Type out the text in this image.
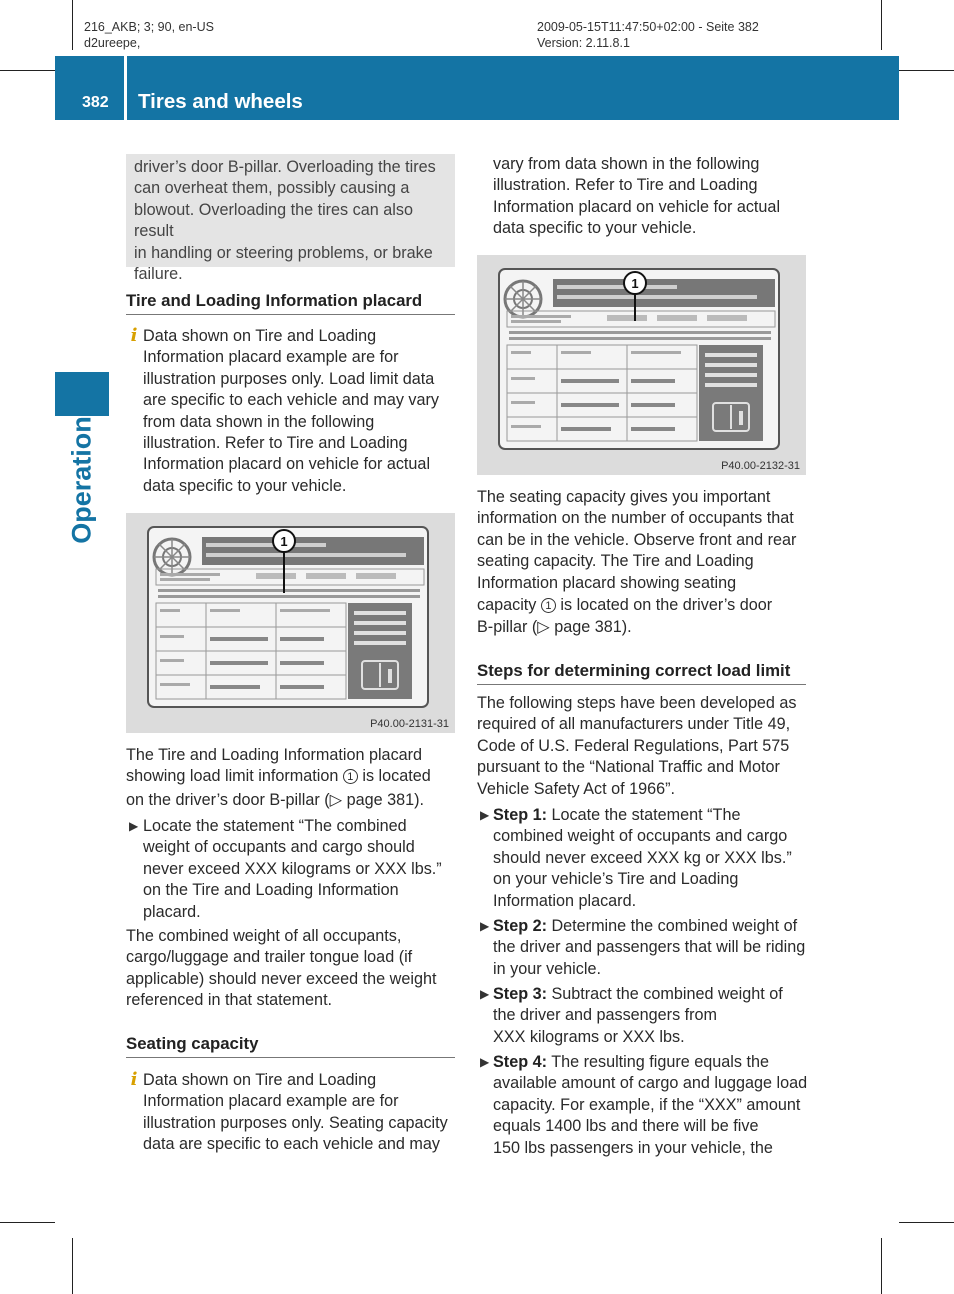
216_AKB; 3; 90, en-US
d2ureepe,
2009-05-15T11:47:50+02:00 - Seite 382
Version: 2.11.8.1
382 Tires and wheels
Operation
driver’s door B-pillar. Overloading the tires
can overheat them, possibly causing a
blowout. Overloading the tires can also result
in handling or steering problems, or brake
failure.
Tire and Loading Information placard
i Data shown on Tire and Loading
Information placard example are for
illustration purposes only. Load limit data
are specific to each vehicle and may vary
from data shown in the following
illustration. Refer to Tire and Loading
Information placard on vehicle for actual
data specific to your vehicle.
1
P40.00-2131-31
The Tire and Loading Information placard
showing load limit information 1 is located
on the driver’s door B-pillar (▷ page 381).
▶ Locate the statement “The combined
weight of occupants and cargo should
never exceed XXX kilograms or XXX lbs.”
on the Tire and Loading Information
placard.
The combined weight of all occupants,
cargo/luggage and trailer tongue load (if
applicable) should never exceed the weight
referenced in that statement.
Seating capacity
i Data shown on Tire and Loading
Information placard example are for
illustration purposes only. Seating capacity
data are specific to each vehicle and may
vary from data shown in the following
illustration. Refer to Tire and Loading
Information placard on vehicle for actual
data specific to your vehicle.
1
P40.00-2132-31
The seating capacity gives you important
information on the number of occupants that
can be in the vehicle. Observe front and rear
seating capacity. The Tire and Loading
Information placard showing seating
capacity 1 is located on the driver’s door
B-pillar (▷ page 381).
Steps for determining correct load limit
The following steps have been developed as
required of all manufacturers under Title 49,
Code of U.S. Federal Regulations, Part 575
pursuant to the “National Traffic and Motor
Vehicle Safety Act of 1966”.
▶ Step 1: Locate the statement “The
combined weight of occupants and cargo
should never exceed XXX kg or XXX lbs.”
on your vehicle’s Tire and Loading
Information placard.
▶ Step 2: Determine the combined weight of
the driver and passengers that will be riding
in your vehicle.
▶ Step 3: Subtract the combined weight of
the driver and passengers from
XXX kilograms or XXX lbs.
▶ Step 4: The resulting figure equals the
available amount of cargo and luggage load
capacity. For example, if the “XXX” amount
equals 1400 lbs and there will be five
150 lbs passengers in your vehicle, the
